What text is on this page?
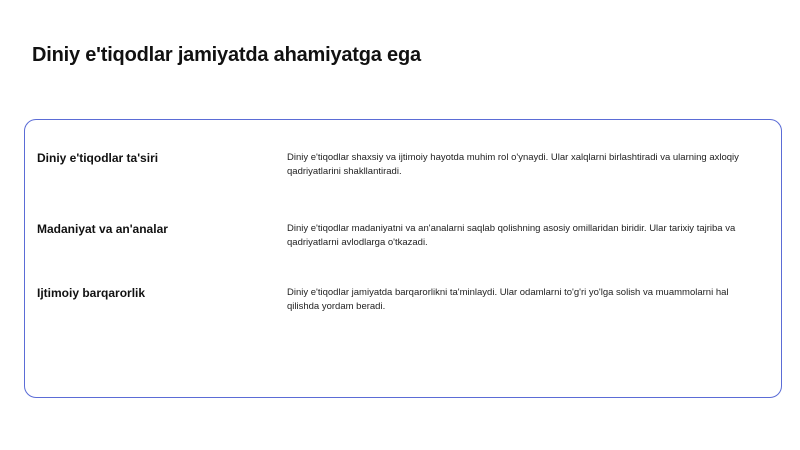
Diniy e'tiqodlar jamiyatda ahamiyatga ega

Diniy e'tiqodlar ta'siri	Diniy e'tiqodlar shaxsiy va ijtimoiy hayotda muhim rol o'ynaydi. Ular xalqlarni birlashtiradi va ularning axloqiy qadriyatlarini shakllantiradi.

Madaniyat va an'analar	Diniy e'tiqodlar madaniyatni va an'analarni saqlab qolishning asosiy omillaridan biridir. Ular tarixiy tajriba va qadriyatlarni avlodlarga o'tkazadi.

Ijtimoiy barqarorlik	Diniy e'tiqodlar jamiyatda barqarorlikni ta'minlaydi. Ular odamlarni to'g'ri yo'lga solish va muammolarni hal qilishda yordam beradi.
